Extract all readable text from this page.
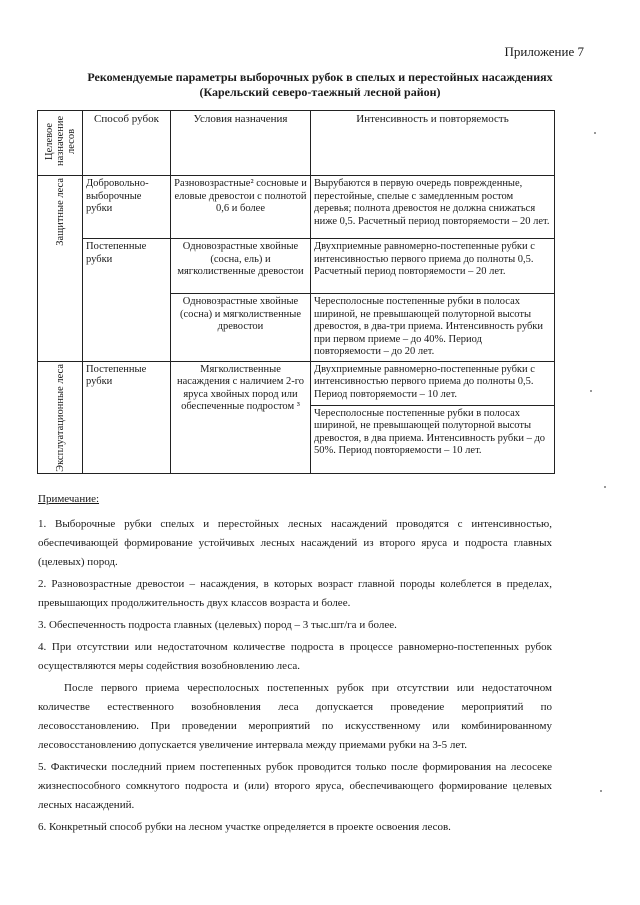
Приложение 7
Рекомендуемые параметры выборочных рубок в спелых и перестойных насаждениях
(Карельский северо-таежный лесной район)
Целевое назначение лесов	Способ рубок	Условия назначения	Интенсивность и повторяемость

Защитные леса	Добровольно-выборочные рубки	Разновозрастные² сосновые и еловые древостои с полнотой 0,6 и более	Вырубаются в первую очередь поврежденные, перестойные, спелые с замедленным ростом деревья; полнота древостоя не должна снижаться ниже 0,5. Расчетный период повторяемости – 20 лет.
	Постепенные рубки	Одновозрастные хвойные (сосна, ель) и мягколиственные древостои	Двухприемные равномерно-постепенные рубки с интенсивностью первого приема до полноты 0,5. Расчетный период повторяемости – 20 лет.
		Одновозрастные хвойные (сосна) и мягколиственные древостои	Чересполосные постепенные рубки в полосах шириной, не превышающей полуторной высоты древостоя, в два-три приема. Интенсивность рубки при первом приеме – до 40%. Период повторяемости – до 20 лет.

Эксплуатационные леса	Постепенные рубки	Мягколиственные насаждения с наличием 2-го яруса хвойных пород или обеспеченные подростом ³	Двухприемные равномерно-постепенные рубки с интенсивностью первого приема до полноты 0,5. Период повторяемости – 10 лет.
			Чересполосные постепенные рубки в полосах шириной, не превышающей полуторной высоты древостоя, в два приема. Интенсивность рубки – до 50%. Период повторяемости – 10 лет.

Примечание:

1. Выборочные рубки спелых и перестойных лесных насаждений проводятся с интенсивностью, обеспечивающей формирование устойчивых лесных насаждений из второго яруса и подроста главных (целевых) пород.

2. Разновозрастные древостои – насаждения, в которых возраст главной породы колеблется в пределах, превышающих продолжительность двух классов возраста и более.

3. Обеспеченность подроста главных (целевых) пород – 3 тыс.шт/га и более.

4. При отсутствии или недостаточном количестве подроста в процессе равномерно-постепенных рубок осуществляются меры содействия возобновлению леса.

После первого приема чересполосных постепенных рубок при отсутствии или недостаточном количестве естественного возобновления леса допускается проведение мероприятий по лесовосстановлению. При проведении мероприятий по искусственному или комбинированному лесовосстановлению допускается увеличение интервала между приемами рубки на 3-5 лет.

5. Фактически последний прием постепенных рубок проводится только после формирования на лесосеке жизнеспособного сомкнутого подроста и (или) второго яруса, обеспечивающего формирование целевых лесных насаждений.

6. Конкретный способ рубки на лесном участке определяется в проекте освоения лесов.
